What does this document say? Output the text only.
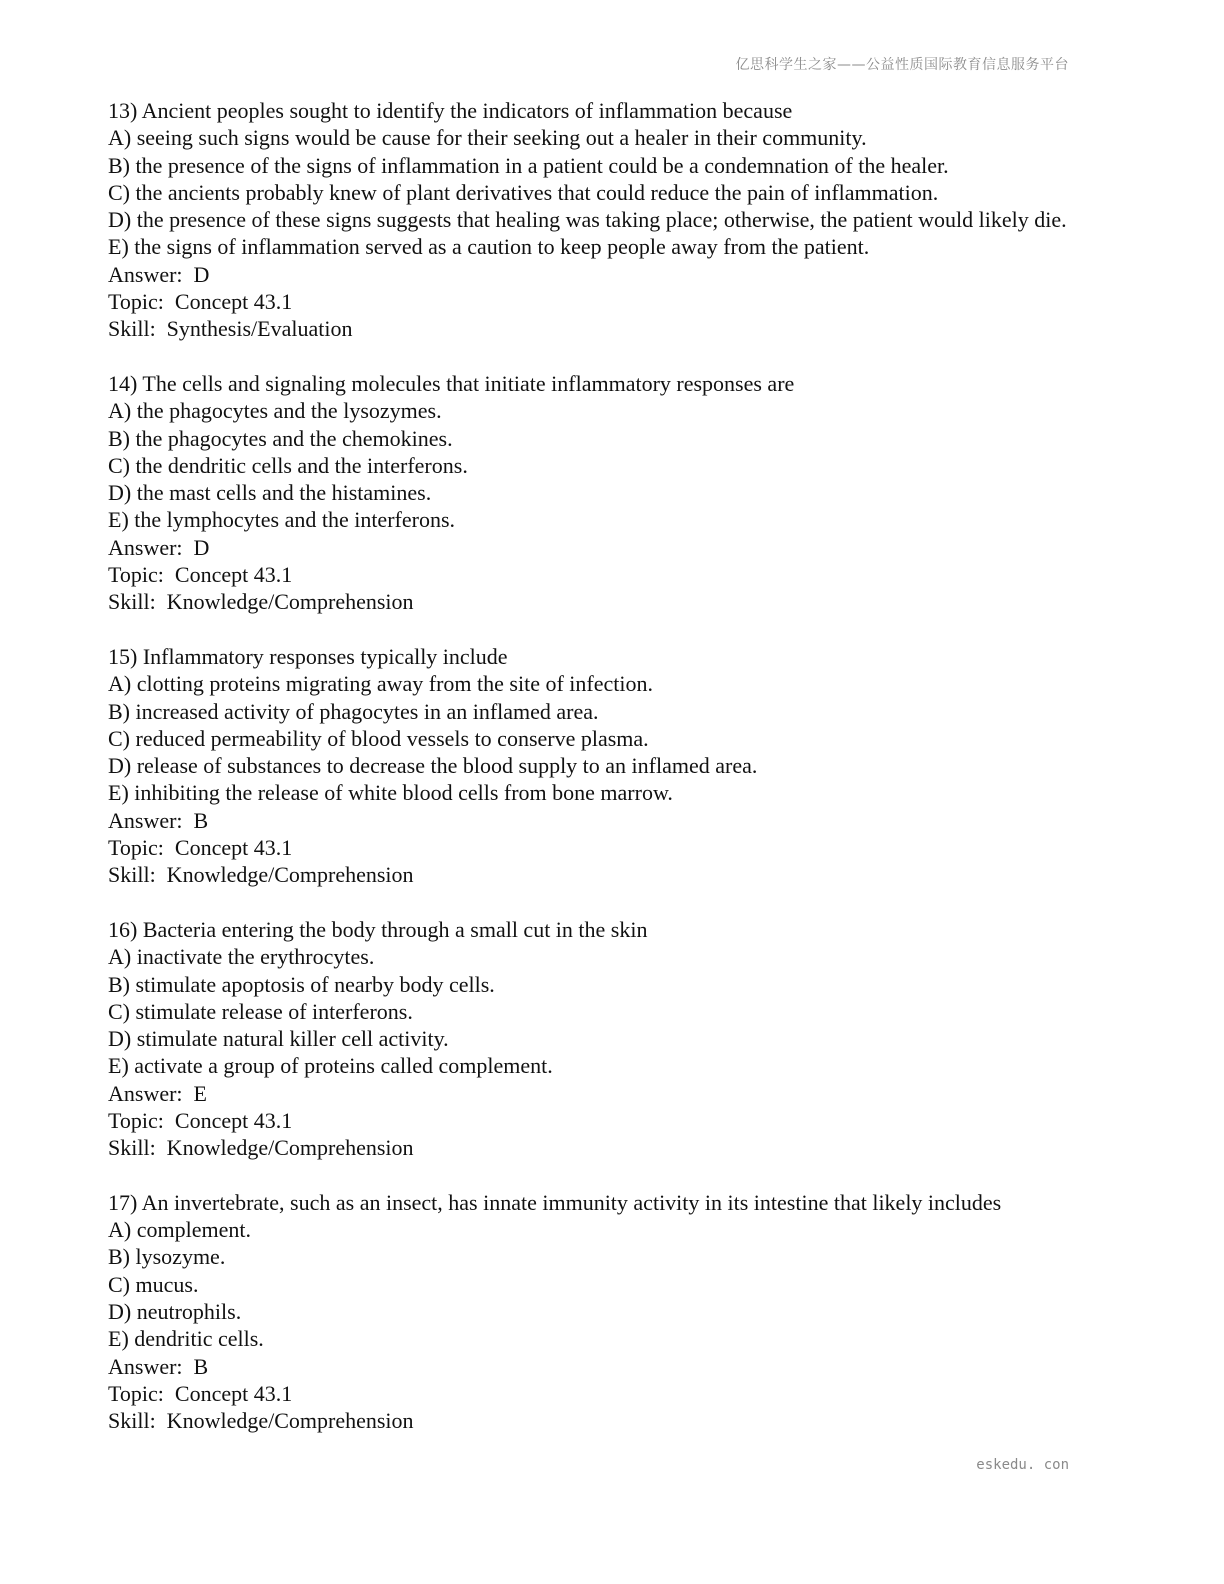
亿思科学生之家——公益性质国际教育信息服务平台
13) Ancient peoples sought to identify the indicators of inflammation because
A) seeing such signs would be cause for their seeking out a healer in their community.
B) the presence of the signs of inflammation in a patient could be a condemnation of the healer.
C) the ancients probably knew of plant derivatives that could reduce the pain of inflammation.
D) the presence of these signs suggests that healing was taking place; otherwise, the patient would likely die.
E) the signs of inflammation served as a caution to keep people away from the patient.
Answer:  D
Topic:  Concept 43.1
Skill:  Synthesis/Evaluation
14) The cells and signaling molecules that initiate inflammatory responses are
A) the phagocytes and the lysozymes.
B) the phagocytes and the chemokines.
C) the dendritic cells and the interferons.
D) the mast cells and the histamines.
E) the lymphocytes and the interferons.
Answer:  D
Topic:  Concept 43.1
Skill:  Knowledge/Comprehension
15) Inflammatory responses typically include
A) clotting proteins migrating away from the site of infection.
B) increased activity of phagocytes in an inflamed area.
C) reduced permeability of blood vessels to conserve plasma.
D) release of substances to decrease the blood supply to an inflamed area.
E) inhibiting the release of white blood cells from bone marrow.
Answer:  B
Topic:  Concept 43.1
Skill:  Knowledge/Comprehension
16) Bacteria entering the body through a small cut in the skin
A) inactivate the erythrocytes.
B) stimulate apoptosis of nearby body cells.
C) stimulate release of interferons.
D) stimulate natural killer cell activity.
E) activate a group of proteins called complement.
Answer:  E
Topic:  Concept 43.1
Skill:  Knowledge/Comprehension
17) An invertebrate, such as an insect, has innate immunity activity in its intestine that likely includes
A) complement.
B) lysozyme.
C) mucus.
D) neutrophils.
E) dendritic cells.
Answer:  B
Topic:  Concept 43.1
Skill:  Knowledge/Comprehension
eskedu. con
